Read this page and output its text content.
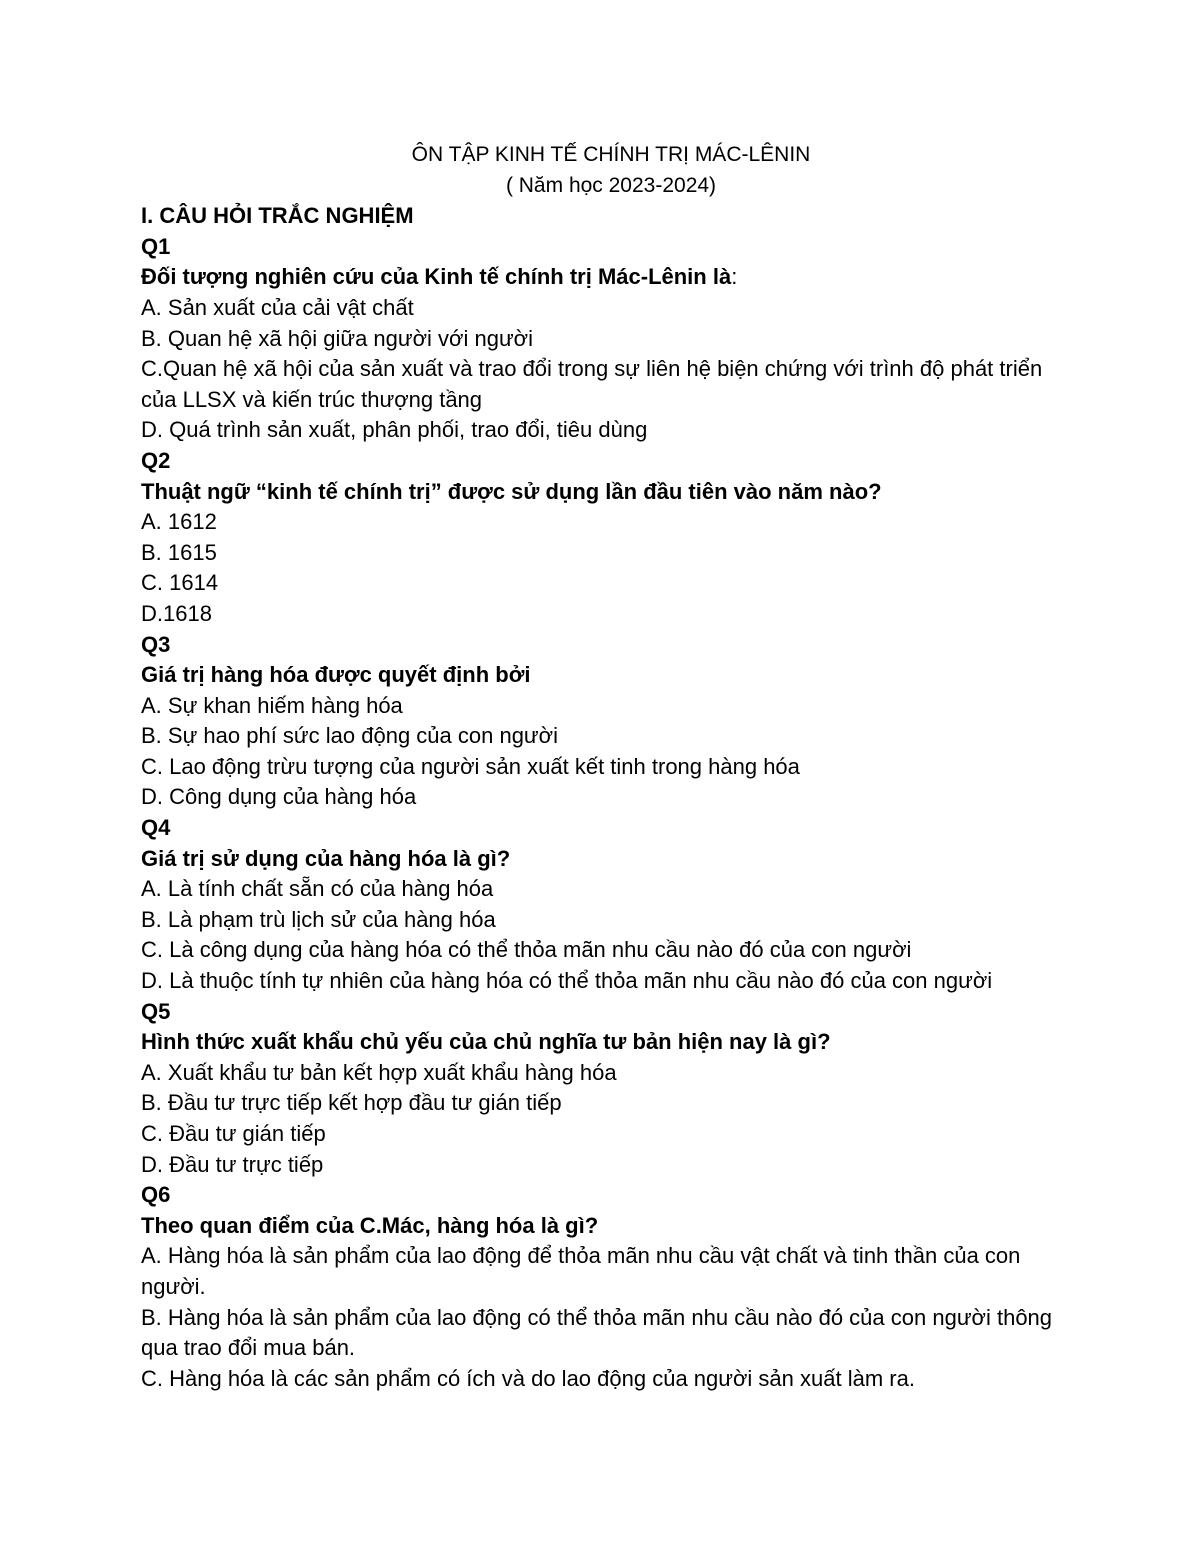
ÔN TẬP KINH TẾ CHÍNH TRỊ MÁC-LÊNIN
( Năm học 2023-2024)
I. CÂU HỎI TRẮC NGHIỆM
Q1
Đối tượng nghiên cứu của Kinh tế chính trị Mác-Lênin là:
A. Sản xuất của cải vật chất
B. Quan hệ xã hội giữa người với người
C.Quan hệ xã hội của sản xuất và trao đổi trong sự liên hệ biện chứng với trình độ phát triển của LLSX và kiến trúc thượng tầng
D. Quá trình sản xuất, phân phối, trao đổi, tiêu dùng
Q2
Thuật ngữ “kinh tế chính trị” được sử dụng lần đầu tiên vào năm nào?
A. 1612
B. 1615
C. 1614
D.1618
Q3
Giá trị hàng hóa được quyết định bởi
A. Sự khan hiếm hàng hóa
B. Sự hao phí sức lao động của con người
C. Lao động trừu tượng của người sản xuất kết tinh trong hàng hóa
D. Công dụng của hàng hóa
Q4
Giá trị sử dụng của hàng hóa là gì?
A. Là tính chất sẵn có của hàng hóa
B. Là phạm trù lịch sử của hàng hóa
C. Là công dụng của hàng hóa có thể thỏa mãn nhu cầu nào đó của con người
D. Là thuộc tính tự nhiên của hàng hóa có thể thỏa mãn nhu cầu nào đó của con người
Q5
Hình thức xuất khẩu chủ yếu của chủ nghĩa tư bản hiện nay là gì?
A. Xuất khẩu tư bản kết hợp xuất khẩu hàng hóa
B. Đầu tư trực tiếp kết hợp đầu tư gián tiếp
C. Đầu tư gián tiếp
D. Đầu tư trực tiếp
Q6
Theo quan điểm của C.Mác, hàng hóa là gì?
A. Hàng hóa là sản phẩm của lao động để thỏa mãn nhu cầu vật chất và tinh thần của con người.
B. Hàng hóa là sản phẩm của lao động có thể thỏa mãn nhu cầu nào đó của con người thông qua trao đổi mua bán.
C. Hàng hóa là các sản phẩm có ích và do lao động của người sản xuất làm ra.
